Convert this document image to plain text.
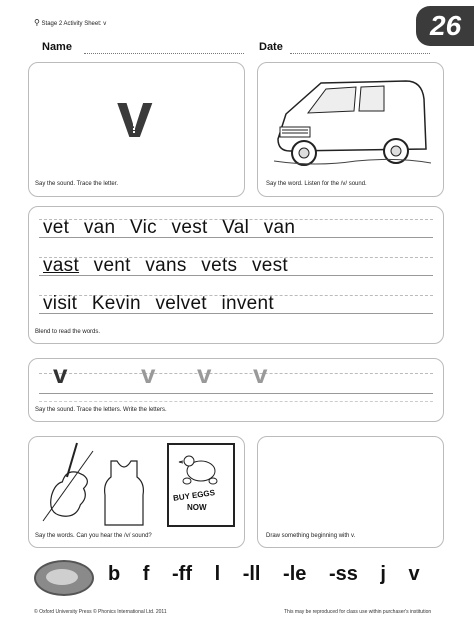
⚲ Stage 2 Activity Sheet: v	26
Name	Date
v
Say the sound. Trace the letter.	Say the word. Listen for the /v/ sound.
vet van Vic vest Val van
vast vent vans vets vest
visit Kevin velvet invent
Blend to read the words.
v	v v v
Say the sound. Trace the letters. Write the letters.
BUY EGGS
NOW
Say the words. Can you hear the /v/ sound?	Draw something beginning with v.
b f -ff l -ll -le -ss j v
© Oxford University Press © Phonics International Ltd. 2011	This may be reproduced for class use within purchaser's institution
